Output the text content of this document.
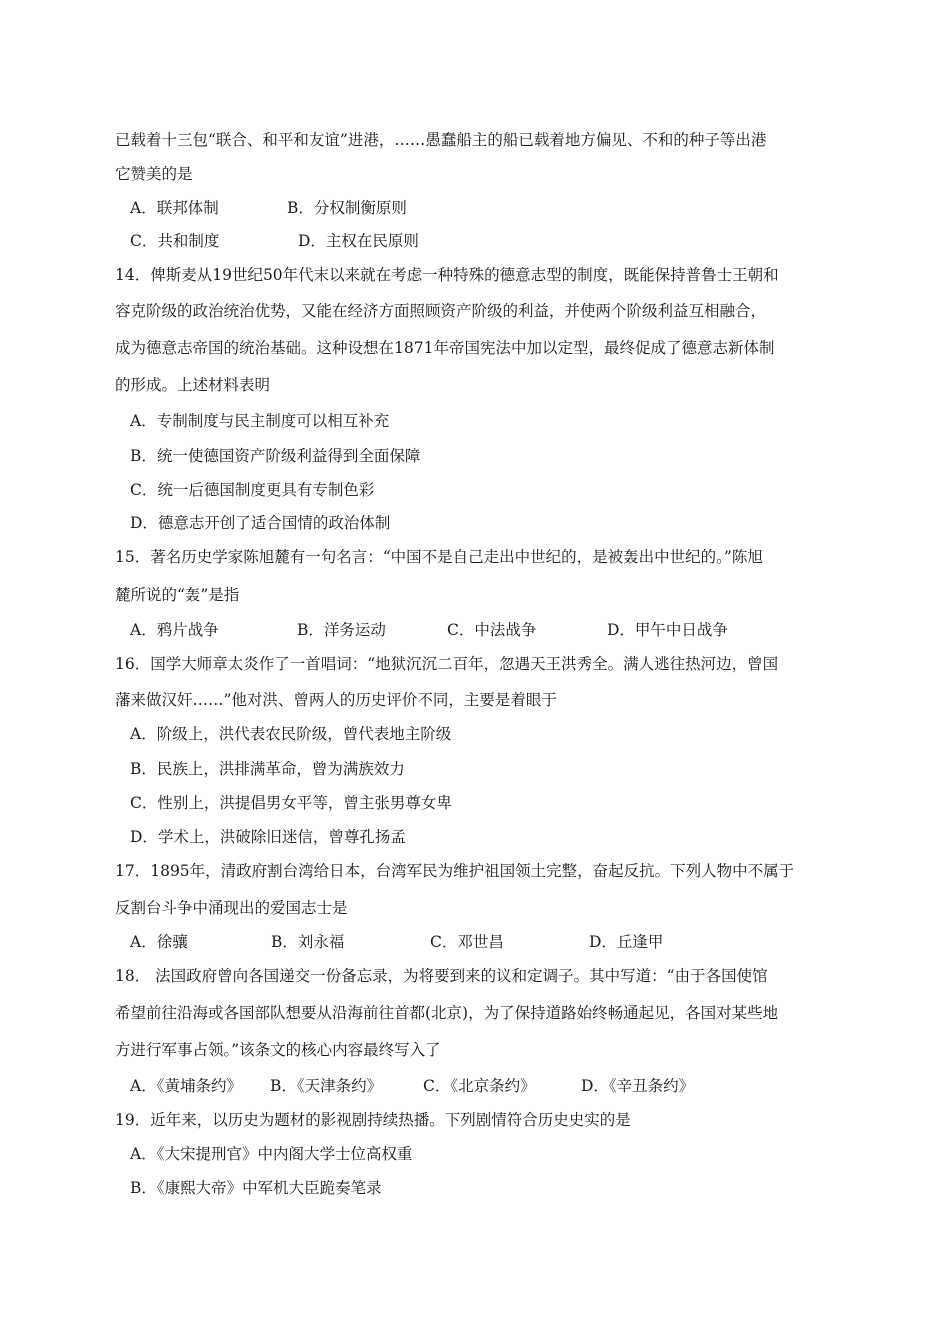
已载着十三包“联合、和平和友谊”进港，……愚蠢船主的船已载着地方偏见、不和的种子等出港
它赞美的是
A．联邦体制	B．分权制衡原则
C．共和制度	D．主权在民原则
14．俾斯麦从19世纪50年代末以来就在考虑一种特殊的德意志型的制度，既能保持普鲁士王朝和
容克阶级的政治统治优势，又能在经济方面照顾资产阶级的利益，并使两个阶级利益互相融合，
成为德意志帝国的统治基础。这种设想在1871年帝国宪法中加以定型，最终促成了德意志新体制
的形成。上述材料表明
A．专制制度与民主制度可以相互补充
B．统一使德国资产阶级利益得到全面保障
C．统一后德国制度更具有专制色彩
D．德意志开创了适合国情的政治体制
15．著名历史学家陈旭麓有一句名言：“中国不是自己走出中世纪的，是被轰出中世纪的。”陈旭
麓所说的“轰”是指
A．鸦片战争	B．洋务运动	C．中法战争	D．甲午中日战争
16．国学大师章太炎作了一首唱词：“地狱沉沉二百年，忽遇天王洪秀全。满人逃往热河边，曾国
藩来做汉奸……”他对洪、曾两人的历史评价不同，主要是着眼于
A．阶级上，洪代表农民阶级，曾代表地主阶级
B．民族上，洪排满革命，曾为满族效力
C．性别上，洪提倡男女平等，曾主张男尊女卑
D．学术上，洪破除旧迷信，曾尊孔扬孟
17．1895年，清政府割台湾给日本，台湾军民为维护祖国领土完整，奋起反抗。下列人物中不属于
反割台斗争中涌现出的爱国志士是
A．徐骧	B．刘永福	C．邓世昌	D．丘逢甲
18． 法国政府曾向各国递交一份备忘录，为将要到来的议和定调子。其中写道：“由于各国使馆
希望前往沿海或各国部队想要从沿海前往首都(北京)，为了保持道路始终畅通起见，各国对某些地
方进行军事占领。”该条文的核心内容最终写入了
A．《黄埔条约》 B．《天津条约》	C．《北京条约》	D．《辛丑条约》
19．近年来，以历史为题材的影视剧持续热播。下列剧情符合历史史实的是
A．《大宋提刑官》中内阁大学士位高权重
B．《康熙大帝》中军机大臣跪奏笔录
